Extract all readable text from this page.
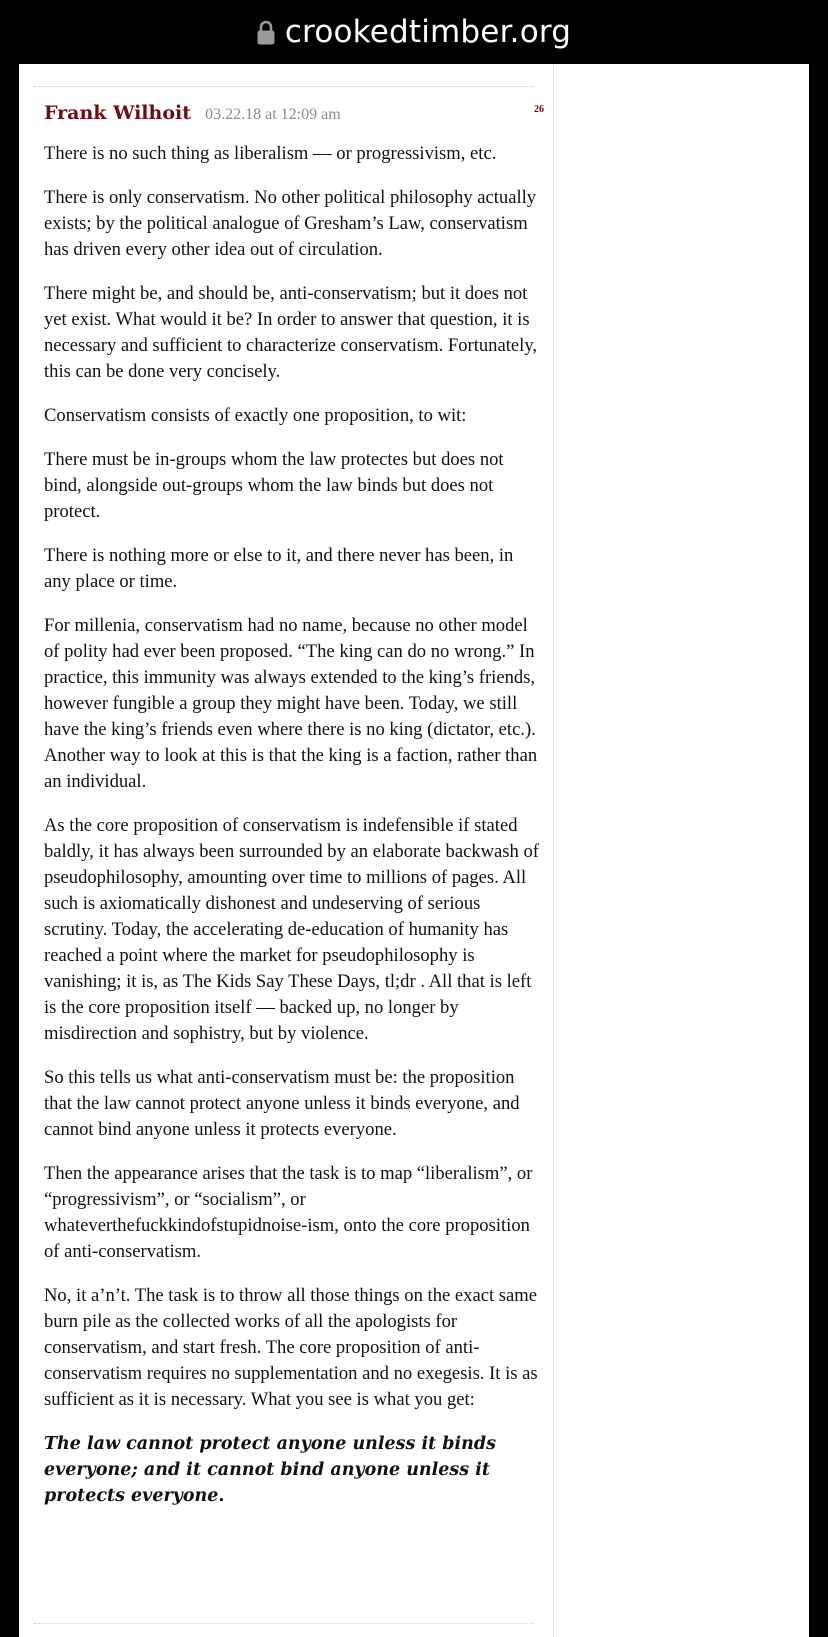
crookedtimber.org
Frank Wilhoit 03.22.18 at 12:09 am	26

There is no such thing as liberalism — or progressivism, etc.

There is only conservatism. No other political philosophy actually exists; by the political analogue of Gresham’s Law, conservatism has driven every other idea out of circulation.

There might be, and should be, anti-conservatism; but it does not yet exist. What would it be? In order to answer that question, it is necessary and sufficient to characterize conservatism. Fortunately, this can be done very concisely.

Conservatism consists of exactly one proposition, to wit:

There must be in-groups whom the law protectes but does not bind, alongside out-groups whom the law binds but does not protect.

There is nothing more or else to it, and there never has been, in any place or time.

For millenia, conservatism had no name, because no other model of polity had ever been proposed. “The king can do no wrong.” In practice, this immunity was always extended to the king’s friends, however fungible a group they might have been. Today, we still have the king’s friends even where there is no king (dictator, etc.). Another way to look at this is that the king is a faction, rather than an individual.

As the core proposition of conservatism is indefensible if stated baldly, it has always been surrounded by an elaborate backwash of pseudophilosophy, amounting over time to millions of pages. All such is axiomatically dishonest and undeserving of serious scrutiny. Today, the accelerating de-education of humanity has reached a point where the market for pseudophilosophy is vanishing; it is, as The Kids Say These Days, tl;dr . All that is left is the core proposition itself — backed up, no longer by misdirection and sophistry, but by violence.

So this tells us what anti-conservatism must be: the proposition that the law cannot protect anyone unless it binds everyone, and cannot bind anyone unless it protects everyone.

Then the appearance arises that the task is to map “liberalism”, or “progressivism”, or “socialism”, or whateverthefuckkindofstupidnoise-ism, onto the core proposition of anti-conservatism.

No, it a’n’t. The task is to throw all those things on the exact same burn pile as the collected works of all the apologists for conservatism, and start fresh. The core proposition of anti-conservatism requires no supplementation and no exegesis. It is as sufficient as it is necessary. What you see is what you get:

The law cannot protect anyone unless it binds everyone; and it cannot bind anyone unless it protects everyone.
